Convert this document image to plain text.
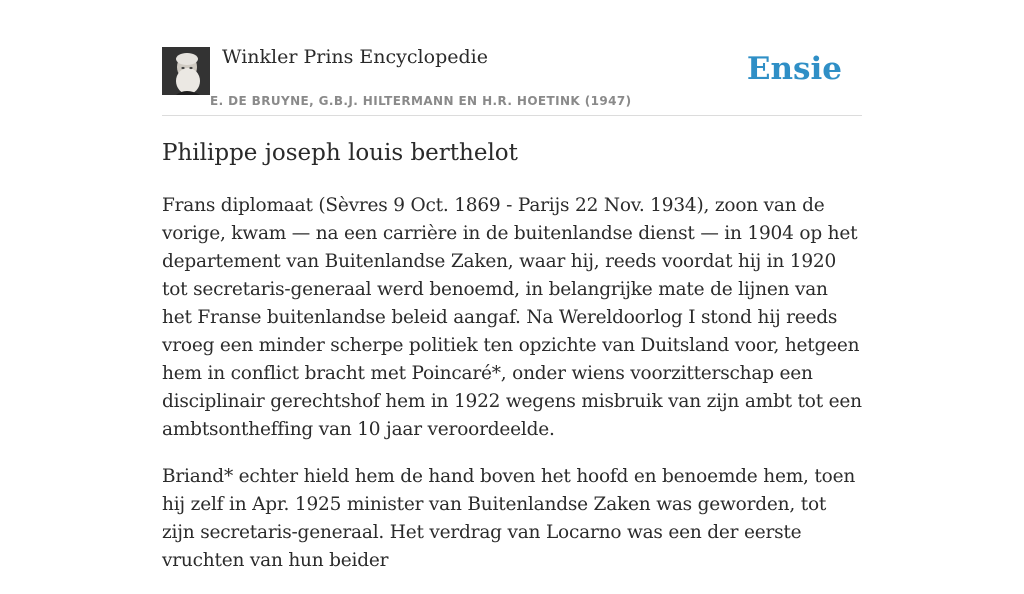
Winkler Prins Encyclopedie
E. DE BRUYNE, G.B.J. HILTERMANN EN H.R. HOETINK (1947)
Ensie
Philippe joseph louis berthelot

Frans diplomaat (Sèvres 9 Oct. 1869 - Parijs 22 Nov. 1934), zoon van de vorige, kwam — na een carrière in de buitenlandse dienst — in 1904 op het departement van Buitenlandse Zaken, waar hij, reeds voordat hij in 1920 tot secretaris-generaal werd benoemd, in belangrijke mate de lijnen van het Franse buitenlandse beleid aangaf. Na Wereldoorlog I stond hij reeds vroeg een minder scherpe politiek ten opzichte van Duitsland voor, hetgeen hem in conflict bracht met Poincaré*, onder wiens voorzitterschap een disciplinair gerechtshof hem in 1922 wegens misbruik van zijn ambt tot een ambtsontheffing van 10 jaar veroordeelde.

Briand* echter hield hem de hand boven het hoofd en benoemde hem, toen hij zelf in Apr. 1925 minister van Buitenlandse Zaken was geworden, tot zijn secretaris-generaal. Het verdrag van Locarno was een der eerste vruchten van hun beider
